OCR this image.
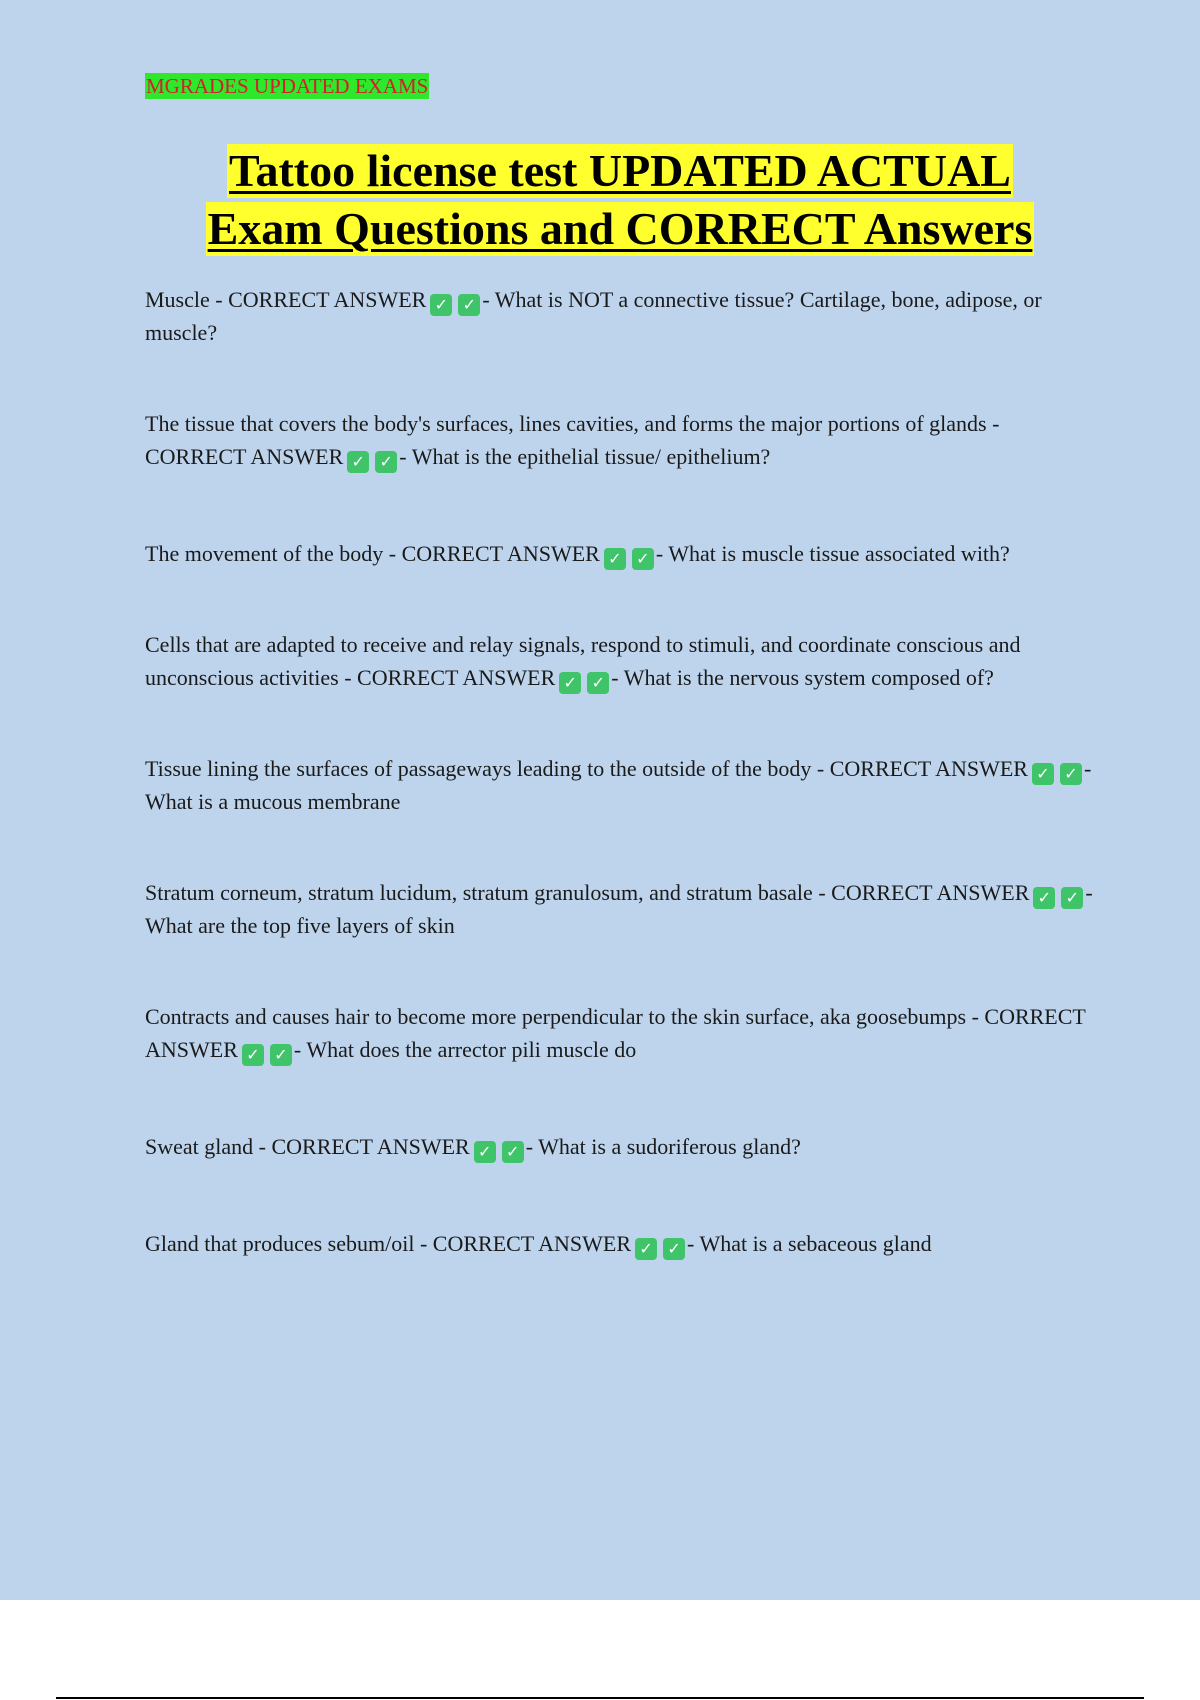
MGRADES UPDATED EXAMS
Tattoo license test UPDATED ACTUAL
Exam Questions and CORRECT Answers

Muscle - CORRECT ANSWER ✓ ✓ - What is NOT a connective tissue? Cartilage, bone, adipose, or muscle?

The tissue that covers the body's surfaces, lines cavities, and forms the major portions of glands - CORRECT ANSWER ✓ ✓ - What is the epithelial tissue/ epithelium?

The movement of the body - CORRECT ANSWER ✓ ✓ - What is muscle tissue associated with?

Cells that are adapted to receive and relay signals, respond to stimuli, and coordinate conscious and unconscious activities - CORRECT ANSWER ✓ ✓ - What is the nervous system composed of?

Tissue lining the surfaces of passageways leading to the outside of the body - CORRECT ANSWER ✓ ✓ - What is a mucous membrane

Stratum corneum, stratum lucidum, stratum granulosum, and stratum basale - CORRECT ANSWER ✓ ✓ - What are the top five layers of skin

Contracts and causes hair to become more perpendicular to the skin surface, aka goosebumps - CORRECT ANSWER ✓ ✓ - What does the arrector pili muscle do

Sweat gland - CORRECT ANSWER ✓ ✓ - What is a sudoriferous gland?

Gland that produces sebum/oil - CORRECT ANSWER ✓ ✓ - What is a sebaceous gland
